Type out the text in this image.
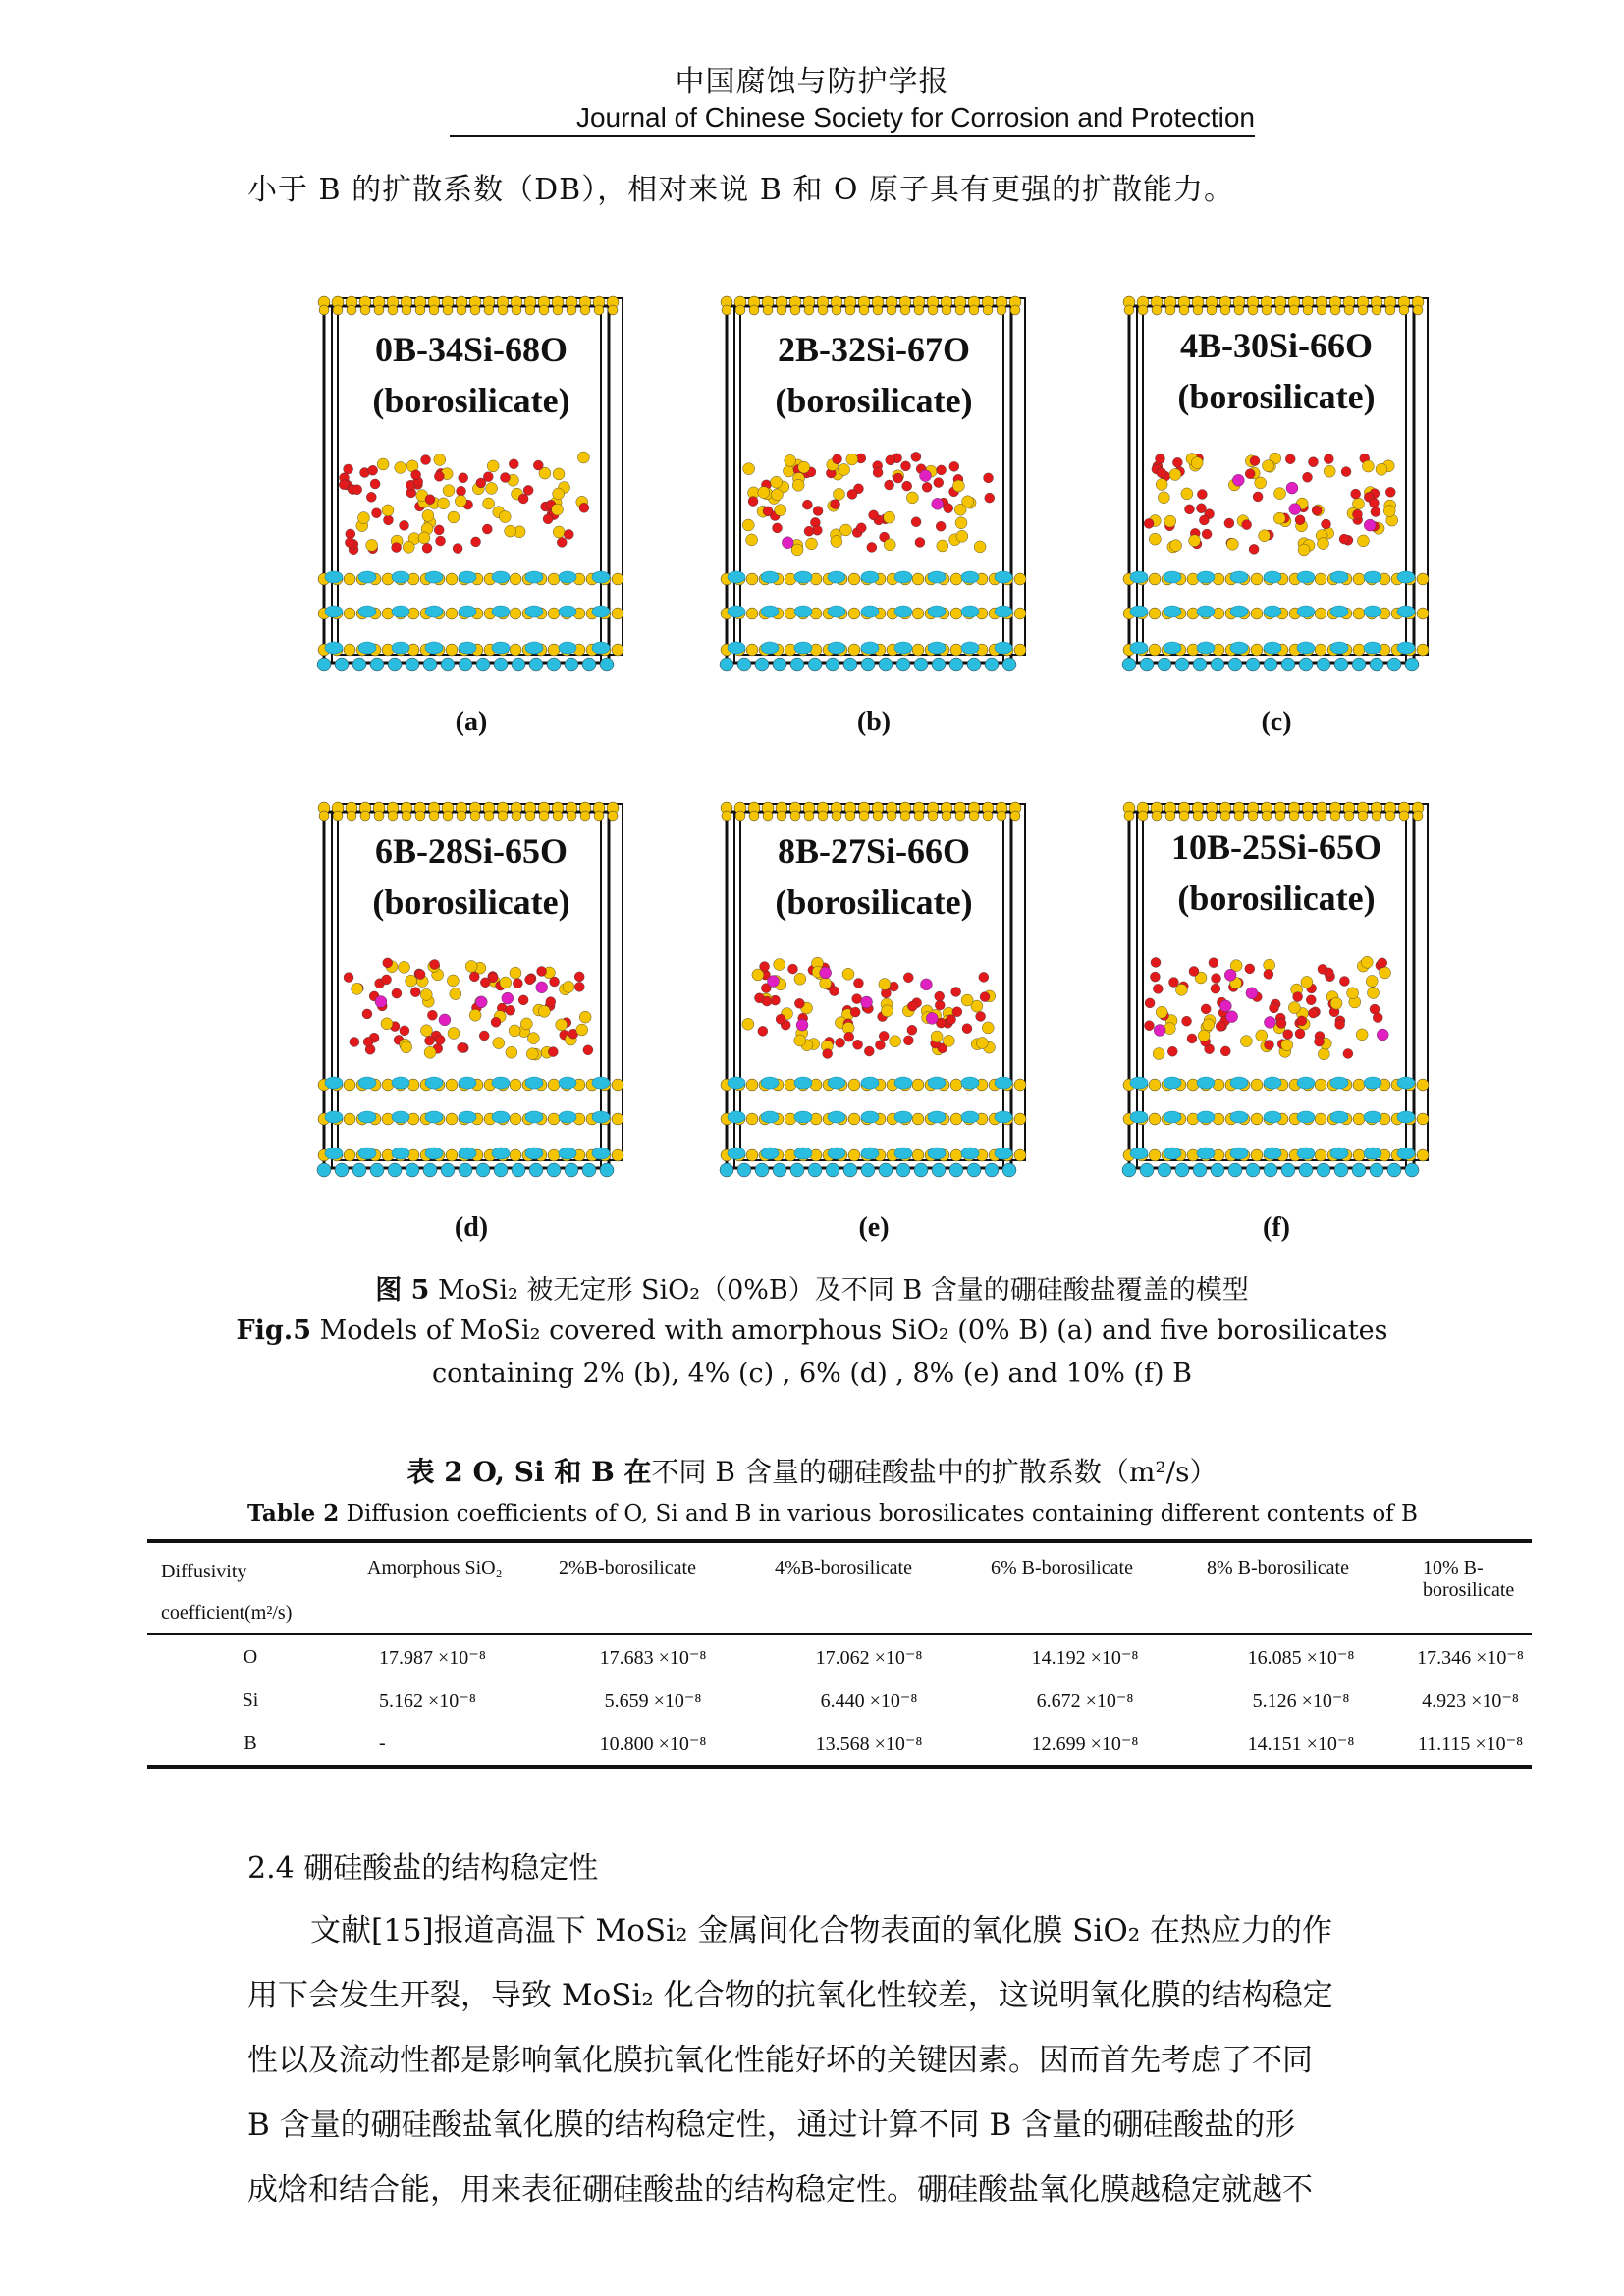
中国腐蚀与防护学报
Journal of Chinese Society for Corrosion and Protection
小于 B 的扩散系数（DB），相对来说 B 和 O 原子具有更强的扩散能力。
0B-34Si-68O
(borosilicate)
(a)
2B-32Si-67O
(borosilicate)
(b)
4B-30Si-66O
(borosilicate)
(c)
6B-28Si-65O
(borosilicate)
(d)
8B-27Si-66O
(borosilicate)
(e)
10B-25Si-65O
(borosilicate)
(f)
图 5 MoSi₂ 被无定形 SiO₂（0%B）及不同 B 含量的硼硅酸盐覆盖的模型
Fig.5 Models of MoSi₂ covered with amorphous SiO₂ (0% B) (a) and five borosilicates
containing 2% (b), 4% (c) , 6% (d) , 8% (e) and 10% (f) B
表 2 O, Si 和 B 在不同 B 含量的硼硅酸盐中的扩散系数（m²/s）
Table 2 Diffusion coefficients of O, Si and B in various borosilicates containing different contents of B
Diffusivity coefficient(m²/s)	Amorphous SiO₂	2%B-borosilicate	4%B-borosilicate	6% B-borosilicate	8% B-borosilicate	10% B-borosilicate
O	17.987 ×10⁻⁸	17.683 ×10⁻⁸	17.062 ×10⁻⁸	14.192 ×10⁻⁸	16.085 ×10⁻⁸	17.346 ×10⁻⁸
Si	5.162 ×10⁻⁸	5.659 ×10⁻⁸	6.440 ×10⁻⁸	6.672 ×10⁻⁸	5.126 ×10⁻⁸	4.923 ×10⁻⁸
B	-	10.800 ×10⁻⁸	13.568 ×10⁻⁸	12.699 ×10⁻⁸	14.151 ×10⁻⁸	11.115 ×10⁻⁸
2.4 硼硅酸盐的结构稳定性

文献[15]报道高温下 MoSi₂ 金属间化合物表面的氧化膜 SiO₂ 在热应力的作

用下会发生开裂，导致 MoSi₂ 化合物的抗氧化性较差，这说明氧化膜的结构稳定

性以及流动性都是影响氧化膜抗氧化性能好坏的关键因素。因而首先考虑了不同

B 含量的硼硅酸盐氧化膜的结构稳定性，通过计算不同 B 含量的硼硅酸盐的形

成焓和结合能，用来表征硼硅酸盐的结构稳定性。硼硅酸盐氧化膜越稳定就越不
